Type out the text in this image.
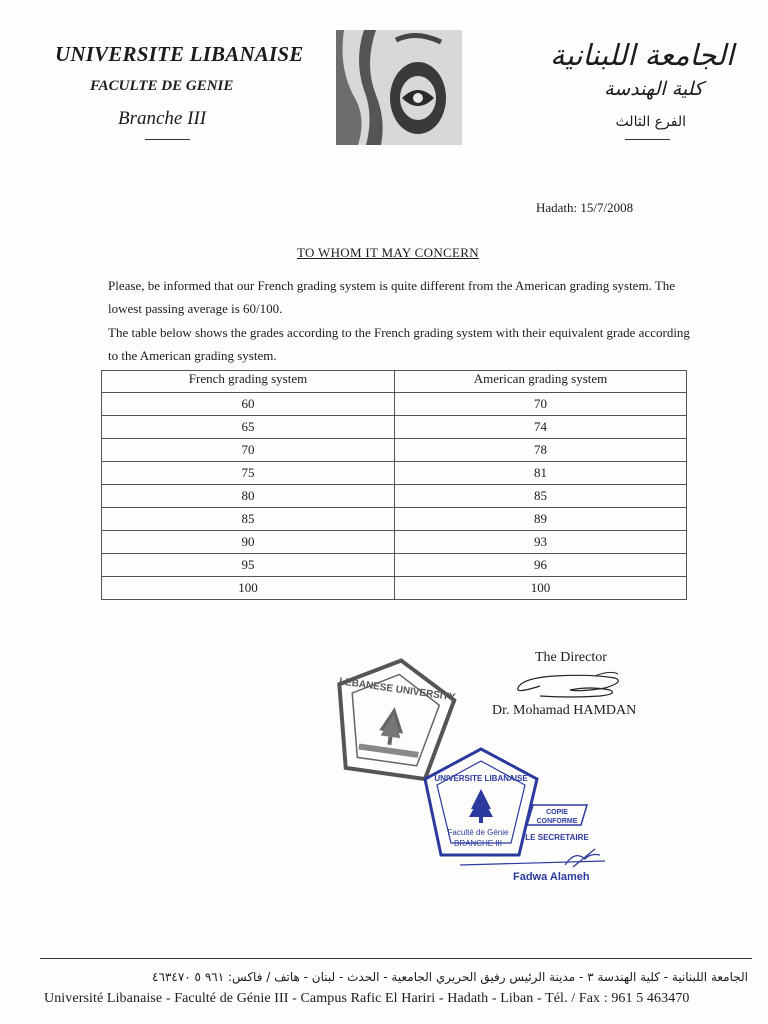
UNIVERSITE LIBANAISE
FACULTE DE GENIE
Branche III
الجامعة اللبنانية
كلية الهندسة
الفرع الثالث
Hadath: 15/7/2008
TO WHOM IT MAY CONCERN
Please, be informed that our French grading system is quite different from the American grading system. The lowest passing average is 60/100.
The table below shows the grades according to the French grading system with their equivalent grade according to the American grading system.
French grading system	American grading system
60	70
65	74
70	78
75	81
80	85
85	89
90	93
95	96
100	100
The Director
Dr. Mohamad HAMDAN
LEBANESE UNIVERSITY
UNIVERSITE LIBANAISE
Faculté de Génie
BRANCHE III
COPIE
CONFORME
LE SECRETAIRE
Fadwa Alameh
الجامعة اللبنانية - كلية الهندسة ٣ - مدينة الرئيس رفيق الحريري الجامعية - الحدث - لبنان - هاتف / فاكس: ٩٦١ ٥ ٤٦٣٤٧٠
Université Libanaise - Faculté de Génie III - Campus Rafic El Hariri - Hadath - Liban - Tél. / Fax : 961 5 463470
